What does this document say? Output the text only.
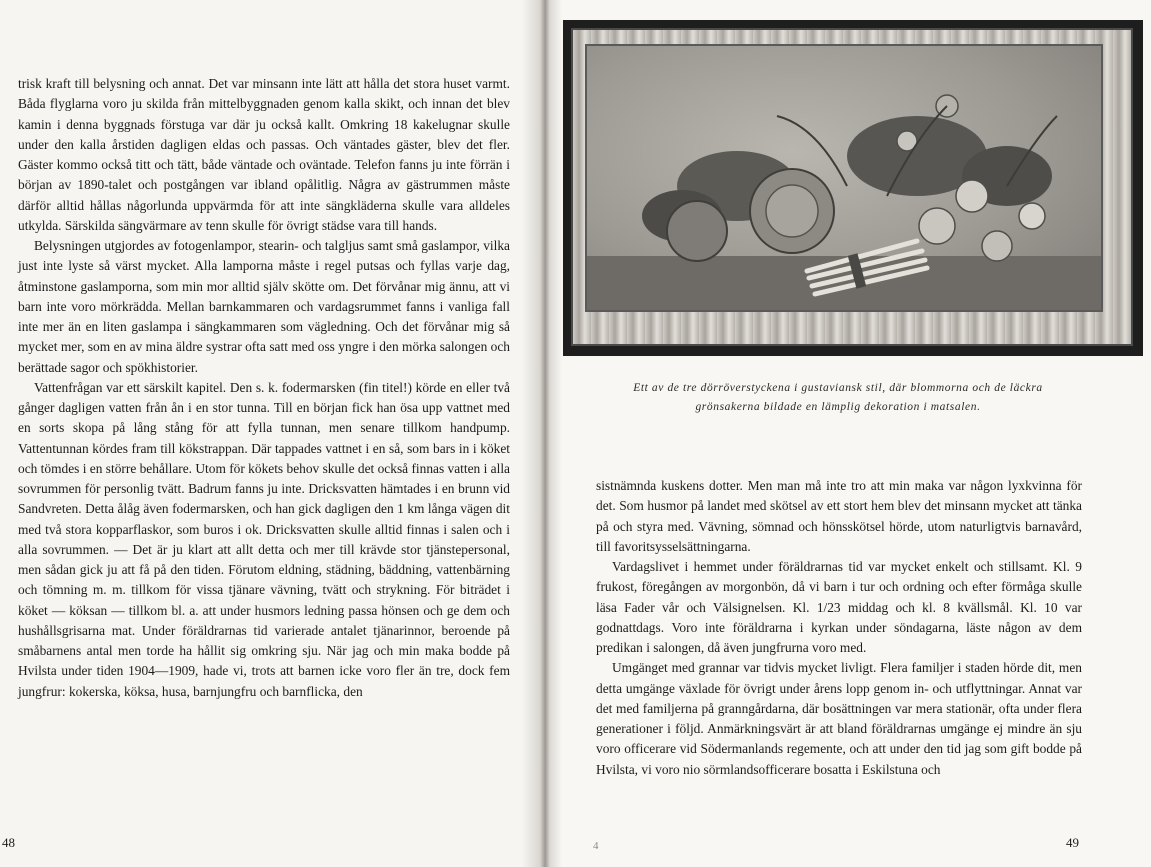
trisk kraft till belysning och annat. Det var minsann inte lätt att hålla det stora huset varmt. Båda flyglarna voro ju skilda från mittelbyggnaden genom kalla skikt, och innan det blev kamin i denna byggnads förstuga var där ju också kallt. Omkring 18 kakelugnar skulle under den kalla årstiden dagligen eldas och passas. Och väntades gäster, blev det fler. Gäster kommo också titt och tätt, både väntade och oväntade. Telefon fanns ju inte förrän i början av 1890-talet och postgången var ibland opålitlig. Några av gästrummen måste därför alltid hållas någorlunda uppvärmda för att inte sängkläderna skulle vara alldeles utkylda. Särskilda sängvärmare av tenn skulle för övrigt städse vara till hands.

Belysningen utgjordes av fotogenlampor, stearin- och talgljus samt små gaslampor, vilka just inte lyste så värst mycket. Alla lamporna måste i regel putsas och fyllas varje dag, åtminstone gaslamporna, som min mor alltid själv skötte om. Det förvånar mig ännu, att vi barn inte voro mörkrädda. Mellan barnkammaren och vardagsrummet fanns i vanliga fall inte mer än en liten gaslampa i sängkammaren som vägledning. Och det förvånar mig så mycket mer, som en av mina äldre systrar ofta satt med oss yngre i den mörka salongen och berättade sagor och spökhistorier.

Vattenfrågan var ett särskilt kapitel. Den s. k. fodermarsken (fin titel!) körde en eller två gånger dagligen vatten från ån i en stor tunna. Till en början fick han ösa upp vattnet med en sorts skopa på lång stång för att fylla tunnan, men senare tillkom handpump. Vattentunnan kördes fram till kökstrappan. Där tappades vattnet i en så, som bars in i köket och tömdes i en större behållare. Utom för kökets behov skulle det också finnas vatten i alla sovrummen för personlig tvätt. Badrum fanns ju inte. Dricksvatten hämtades i en brunn vid Sandvreten. Detta ålåg även fodermarsken, och han gick dagligen den 1 km långa vägen dit med två stora kopparflaskor, som buros i ok. Dricksvatten skulle alltid finnas i salen och i alla sovrummen. — Det är ju klart att allt detta och mer till krävde stor tjänstepersonal, men sådan gick ju att få på den tiden. Förutom eldning, städning, bäddning, vattenbärning och tömning m. m. tillkom för vissa tjänare vävning, tvätt och strykning. För biträdet i köket — köksan — tillkom bl. a. att under husmors ledning passa hönsen och ge dem och hushållsgrisarna mat. Under föräldrarnas tid varierade antalet tjänarinnor, beroende på småbarnens antal men torde ha hållit sig omkring sju. När jag och min maka bodde på Hvilsta under tiden 1904—1909, hade vi, trots att barnen icke voro fler än tre, dock fem jungfrur: kokerska, köksa, husa, barnjungfru och barnflicka, den

48
Ett av de tre dörröverstyckena i gustaviansk stil, där blommorna och de läckra grönsakerna bildade en lämplig dekoration i matsalen.

sistnämnda kuskens dotter. Men man må inte tro att min maka var någon lyxkvinna för det. Som husmor på landet med skötsel av ett stort hem blev det minsann mycket att tänka på och styra med. Vävning, sömnad och hönsskötsel hörde, utom naturligtvis barnavård, till favoritsysselsättningarna.

Vardagslivet i hemmet under föräldrarnas tid var mycket enkelt och stillsamt. Kl. 9 frukost, föregången av morgonbön, då vi barn i tur och ordning och efter förmåga skulle läsa Fader vår och Välsignelsen. Kl. 1/23 middag och kl. 8 kvällsmål. Kl. 10 var godnattdags. Voro inte föräldrarna i kyrkan under söndagarna, läste någon av dem predikan i salongen, då även jungfrurna voro med.

Umgänget med grannar var tidvis mycket livligt. Flera familjer i staden hörde dit, men detta umgänge växlade för övrigt under årens lopp genom in- och utflyttningar. Annat var det med familjerna på granngårdarna, där bosättningen var mera stationär, ofta under flera generationer i följd. Anmärkningsvärt är att bland föräldrarnas umgänge ej mindre än sju voro officerare vid Södermanlands regemente, och att under den tid jag som gift bodde på Hvilsta, vi voro nio sörmlandsofficerare bosatta i Eskilstuna och

4	49
